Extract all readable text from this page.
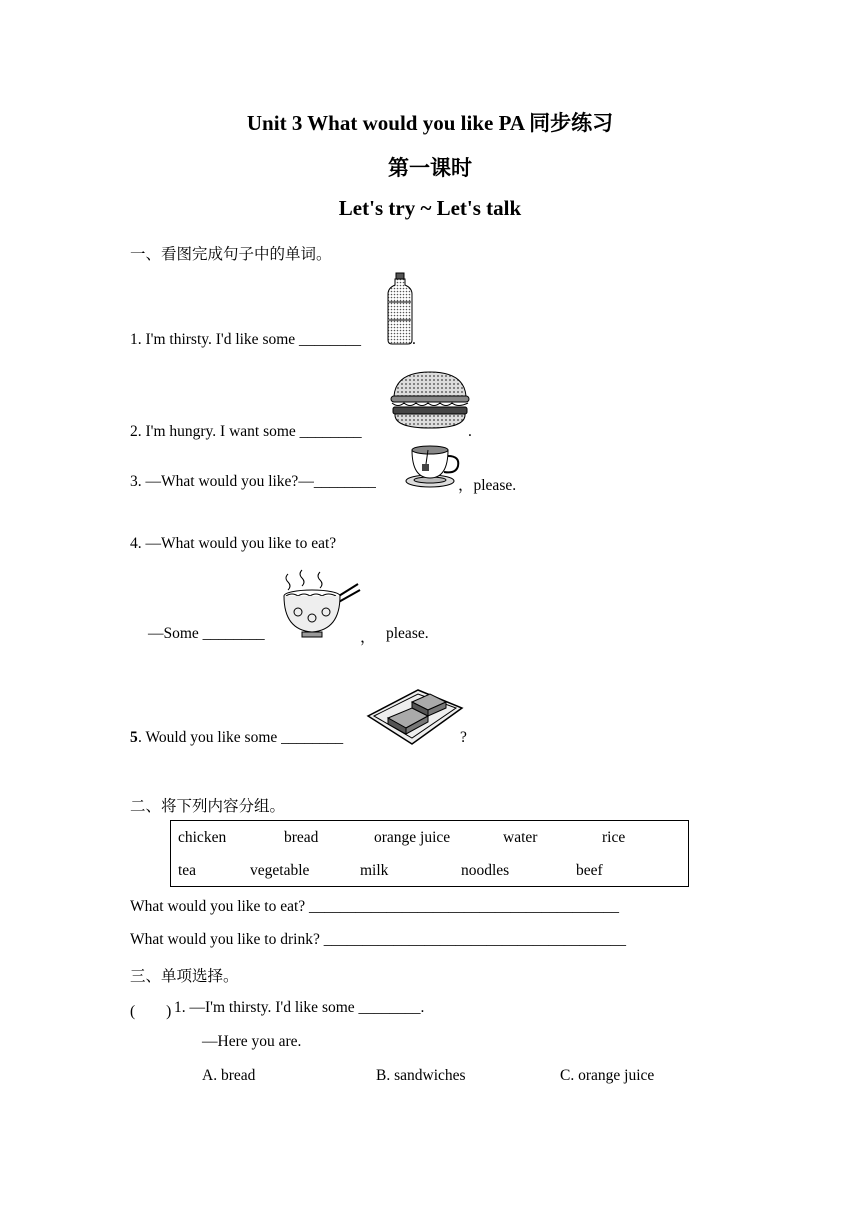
Unit 3 What would you like PA 同步练习
第一课时
Let's try ~ Let's talk
一、看图完成句子中的单词。
1. I'm thirsty. I'd like some ________	.
2. I'm hungry. I want some ________	.
3. —What would you like?—________	，please.
4. —What would you like to eat?
—Some ________	， please.
5 . Would you like some ________	?
二、将下列内容分组。
chicken	bread	orange juice	water	rice
tea	vegetable	milk	noodles	beef
What would you like to eat? ________________________________________
What would you like to drink? _______________________________________
三、单项选择。
(　　) 1. —I'm thirsty. I'd like some ________.
—Here you are.
A. bread	B. sandwiches	C. orange juice
